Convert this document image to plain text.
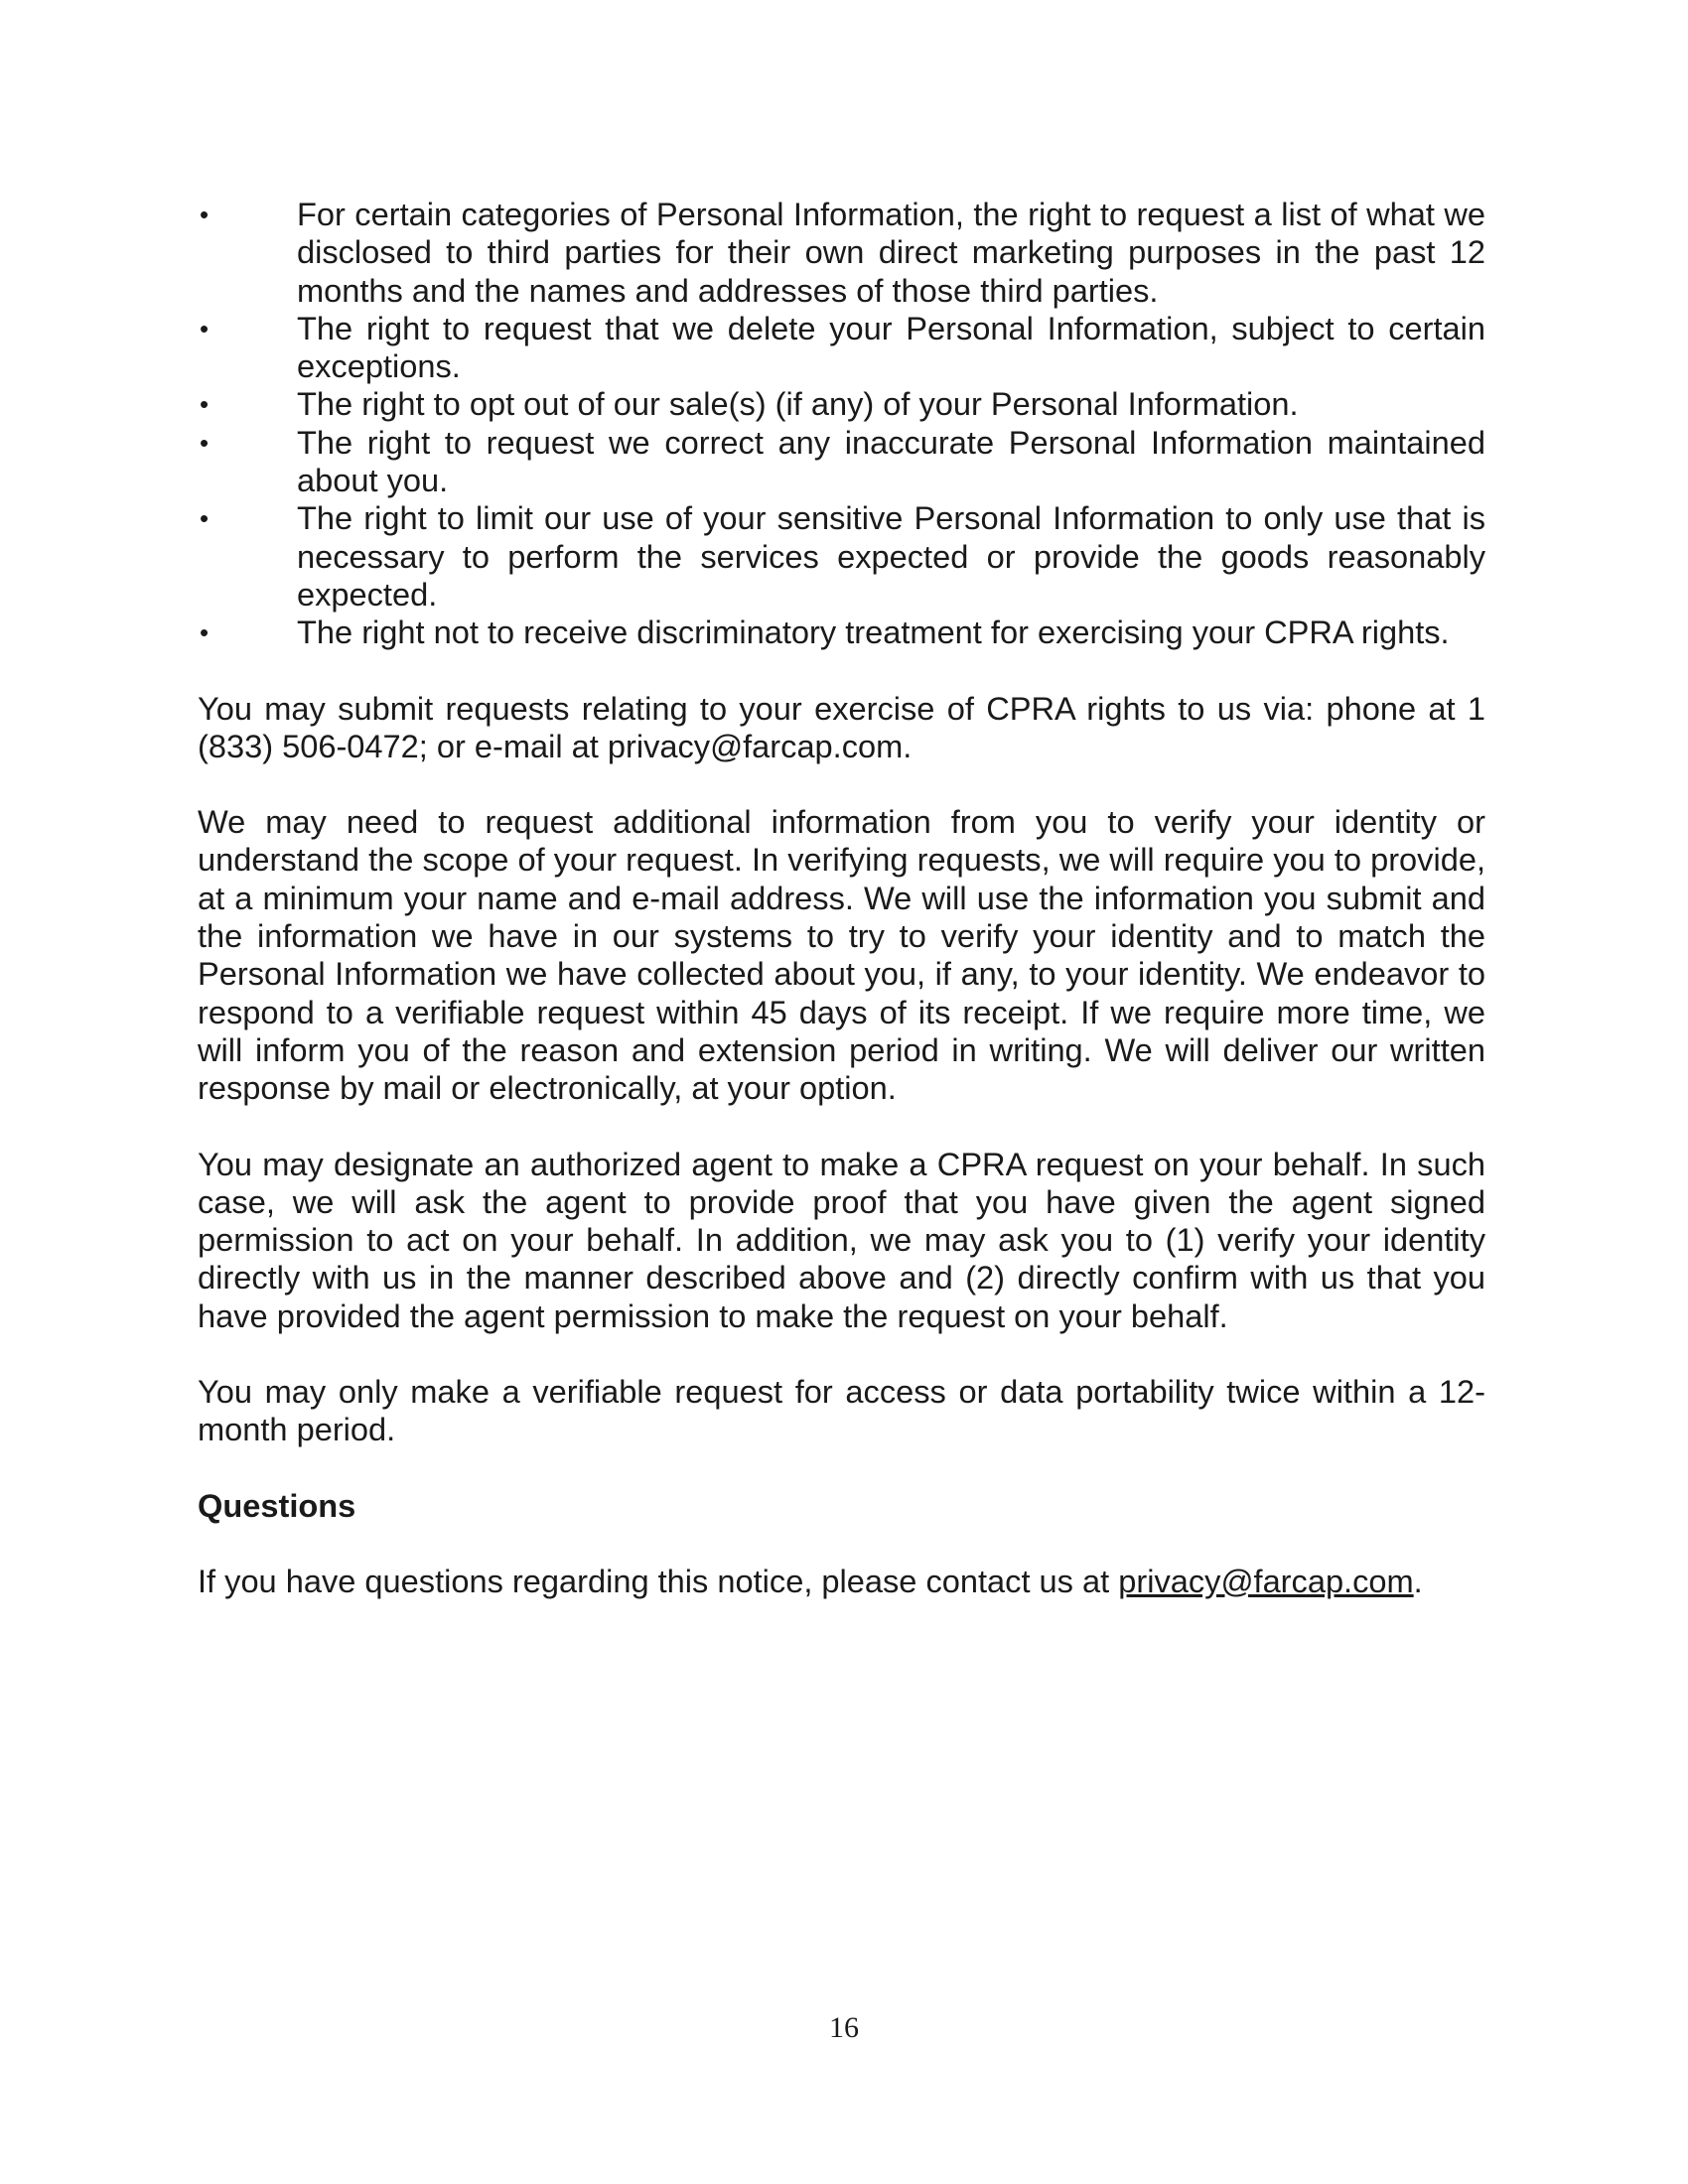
•	For certain categories of Personal Information, the right to request a list of what we disclosed to third parties for their own direct marketing purposes in the past 12 months and the names and addresses of those third parties.
•	The right to request that we delete your Personal Information, subject to certain exceptions.
•	The right to opt out of our sale(s) (if any) of your Personal Information.
•	The right to request we correct any inaccurate Personal Information maintained about you.
•	The right to limit our use of your sensitive Personal Information to only use that is necessary to perform the services expected or provide the goods reasonably expected.
•	The right not to receive discriminatory treatment for exercising your CPRA rights.

You may submit requests relating to your exercise of CPRA rights to us via: phone at 1 (833) 506-0472; or e-mail at privacy@farcap.com.

We may need to request additional information from you to verify your identity or understand the scope of your request. In verifying requests, we will require you to provide, at a minimum your name and e-mail address. We will use the information you submit and the information we have in our systems to try to verify your identity and to match the Personal Information we have collected about you, if any, to your identity. We endeavor to respond to a verifiable request within 45 days of its receipt. If we require more time, we will inform you of the reason and extension period in writing. We will deliver our written response by mail or electronically, at your option.

You may designate an authorized agent to make a CPRA request on your behalf. In such case, we will ask the agent to provide proof that you have given the agent signed permission to act on your behalf. In addition, we may ask you to (1) verify your identity directly with us in the manner described above and (2) directly confirm with us that you have provided the agent permission to make the request on your behalf.

You may only make a verifiable request for access or data portability twice within a 12-month period.

Questions

If you have questions regarding this notice, please contact us at privacy@farcap.com.

16
